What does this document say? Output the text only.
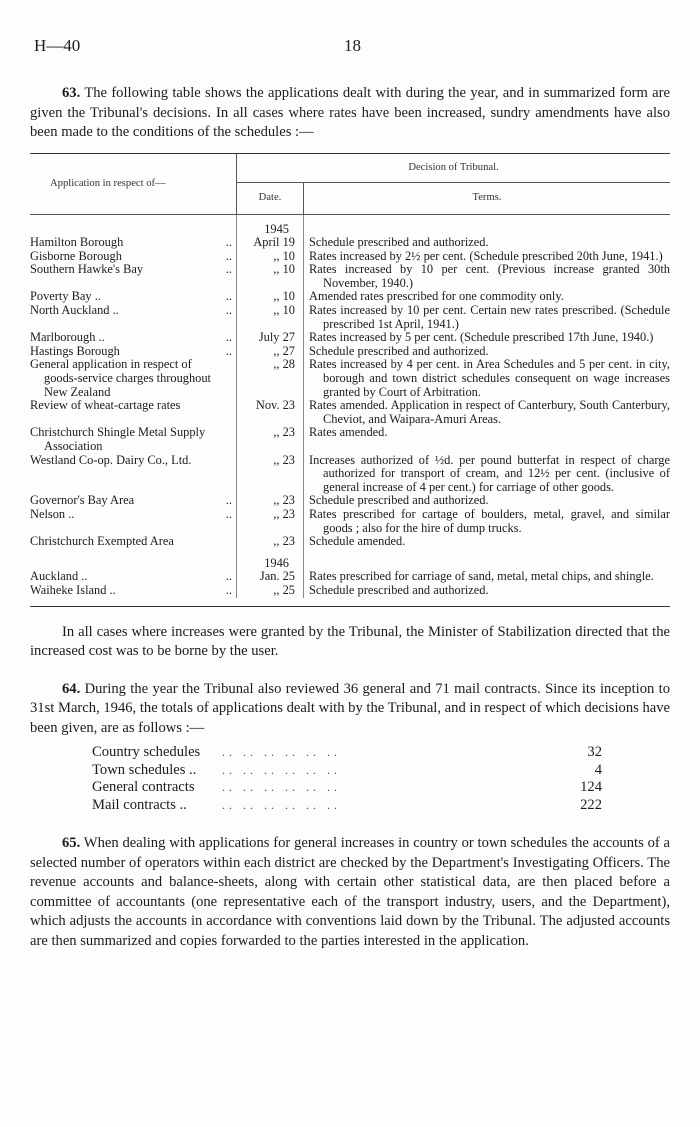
H—40	18

63. The following table shows the applications dealt with during the year, and in summarized form are given the Tribunal's decisions. In all cases where rates have been increased, sundry amendments have also been made to the conditions of the schedules :—

Application in respect of—	Decision of Tribunal.	
	Date.	Terms.
	1945	

Hamilton Borough ..	April 19	Schedule prescribed and authorized.

Gisborne Borough ..	,, 10	Rates increased by 2½ per cent. (Schedule prescribed 20th June, 1941.)

Southern Hawke's Bay ..	,, 10	Rates increased by 10 per cent. (Previous increase granted 30th November, 1940.)

Poverty Bay .. ..	,, 10	Amended rates prescribed for one commodity only.

North Auckland .. ..	,, 10	Rates increased by 10 per cent. Certain new rates prescribed. (Schedule prescribed 1st April, 1941.)

Marlborough .. ..	July 27	Rates increased by 5 per cent. (Schedule prescribed 17th June, 1940.)

Hastings Borough ..	,, 27	Schedule prescribed and authorized.

General application in respect of goods-service charges throughout New Zealand	,, 28	Rates increased by 4 per cent. in Area Schedules and 5 per cent. in city, borough and town district schedules consequent on wage increases granted by Court of Arbitration.

Review of wheat-cartage rates	Nov. 23	Rates amended. Application in respect of Canterbury, South Canterbury, Cheviot, and Waipara-Amuri Areas.

Christchurch Shingle Metal Supply Association	,, 23	Rates amended.

Westland Co-op. Dairy Co., Ltd.	,, 23	Increases authorized of ½d. per pound butterfat in respect of charge authorized for transport of cream, and 12½ per cent. (inclusive of general increase of 4 per cent.) for carriage of other goods.

Governor's Bay Area ..	,, 23	Schedule prescribed and authorized.

Nelson .. ..	,, 23	Rates prescribed for cartage of boulders, metal, gravel, and similar goods ; also for the hire of dump trucks.

Christchurch Exempted Area	,, 23	Schedule amended.

	1946	

Auckland .. ..	Jan. 25	Rates prescribed for carriage of sand, metal, metal chips, and shingle.

Waiheke Island .. ..	,, 25	Schedule prescribed and authorized.

In all cases where increases were granted by the Tribunal, the Minister of Stabilization directed that the increased cost was to be borne by the user.

64. During the year the Tribunal also reviewed 36 general and 71 mail contracts. Since its inception to 31st March, 1946, the totals of applications dealt with by the Tribunal, and in respect of which decisions have been given, are as follows :—

Country schedules	.. .. .. .. .. ..	32
Town schedules ..	.. .. .. .. .. ..	4
General contracts	.. .. .. .. .. ..	124
Mail contracts ..	.. .. .. .. .. ..	222

65. When dealing with applications for general increases in country or town schedules the accounts of a selected number of operators within each district are checked by the Department's Investigating Officers. The revenue accounts and balance-sheets, along with certain other statistical data, are then placed before a committee of accountants (one representative each of the transport industry, users, and the Department), which adjusts the accounts in accordance with conventions laid down by the Tribunal. The adjusted accounts are then summarized and copies forwarded to the parties interested in the application.
